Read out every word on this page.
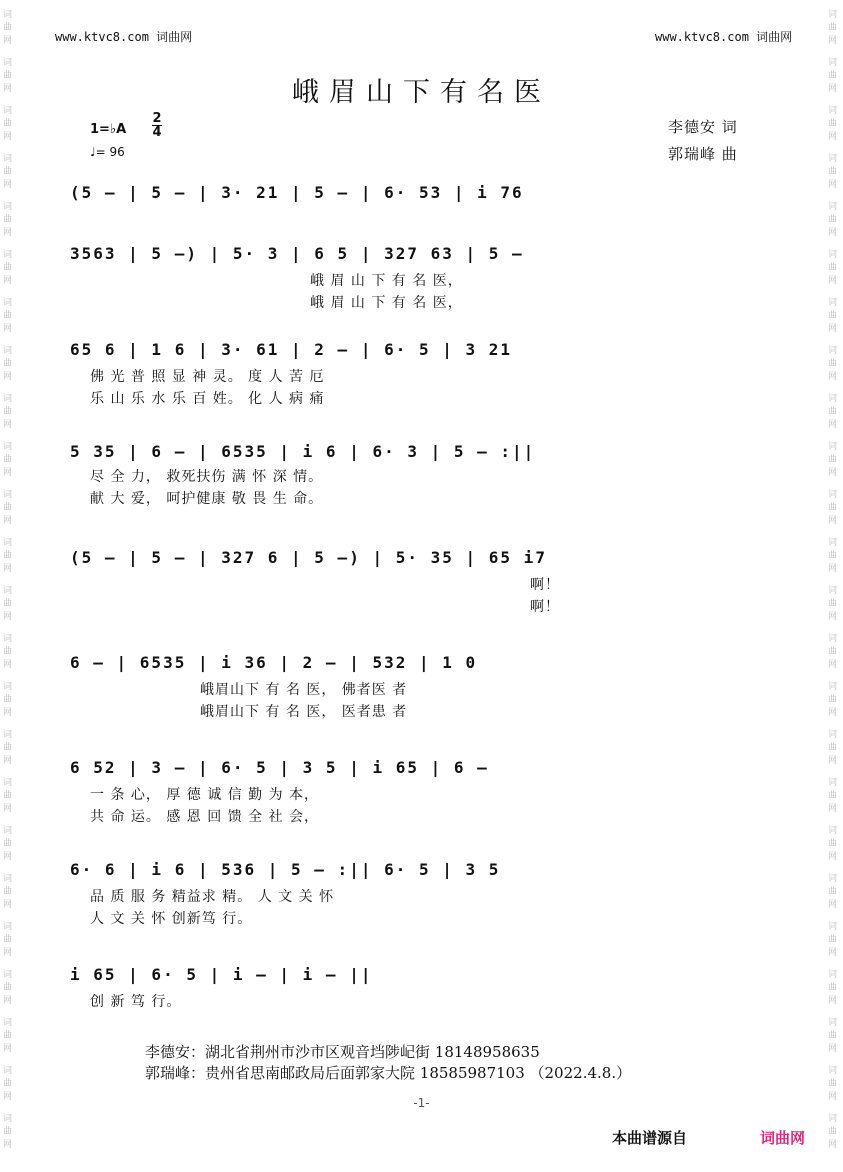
词
曲
网
词
曲
网
词
曲
网
词
曲
网
词
曲
网
词
曲
网
词
曲
网
词
曲
网
词
曲
网
词
曲
网
词
曲
网
词
曲
网
词
曲
网
词
曲
网
词
曲
网
词
曲
网
词
曲
网
词
曲
网
词
曲
网
词
曲
网
词
曲
网
词
曲
网
词
曲
网
词
曲
网
词
曲
网
词
曲
网
词
曲
网
词
曲
网
词
曲
网
词
曲
网
词
曲
网
词
曲
网
词
曲
网
词
曲
网
词
曲
网
词
曲
网
词
曲
网
词
曲
网
词
曲
网
词
曲
网
词
曲
网
词
曲
网
词
曲
网
词
曲
网
词
曲
网
词
曲
网
词
曲
网
词
曲
网
www.ktvc8.com 词曲网	www.ktvc8.com 词曲网
峨眉山下有名医
1=♭A
2
4
♩= 96
李德安 词
郭瑞峰 曲
(5 – | 5 – | 3· 21 | 5 – | 6· 53 | i 76
3563 | 5 –) | 5· 3 | 6 5 | 327 63 | 5 –
峨 眉 山 下 有 名 医，
峨 眉 山 下 有 名 医，
65 6 | 1 6 | 3· 61 | 2 – | 6· 5 | 3 21
佛 光 普 照 显 神 灵。 度 人 苦 厄
乐 山 乐 水 乐 百 姓。 化 人 病 痛
5 35 | 6 – | 6535 | i 6 | 6· 3 | 5 – :||
尽 全 力， 救死扶伤 满 怀 深 情。
献 大 爱， 呵护健康 敬 畏 生 命。
(5 – | 5 – | 327 6 | 5 –) | 5· 35 | 65 i7
啊！
啊！
6 – | 6535 | i 36 | 2 – | 532 | 1 0
峨眉山下 有 名 医， 佛者医 者
峨眉山下 有 名 医， 医者患 者
6 52 | 3 – | 6· 5 | 3 5 | i 65 | 6 –
一 条 心， 厚 德 诚 信 勤 为 本，
共 命 运。 感 恩 回 馈 全 社 会，
6· 6 | i 6 | 536 | 5 – :|| 6· 5 | 3 5
品 质 服 务 精益求 精。 人 文 关 怀
人 文 关 怀 创新笃 行。
i 65 | 6· 5 | i – | i – ||
创 新 笃 行。
李德安：湖北省荆州市沙市区观音垱陟屺街 18148958635
郭瑞峰：贵州省思南邮政局后面郭家大院 18585987103 （2022.4.8.）
-1-
本曲谱源自	词曲网
